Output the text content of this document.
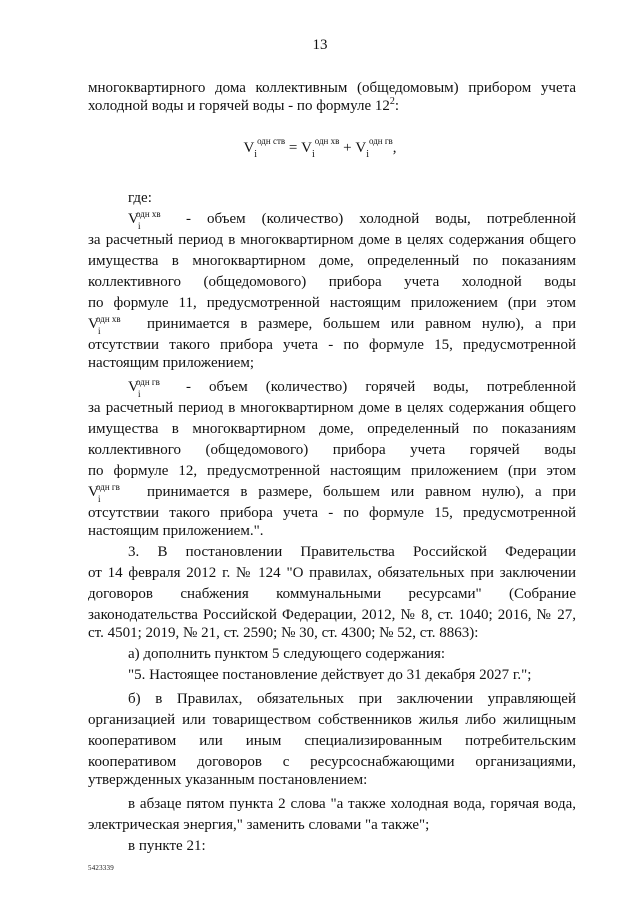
13
многоквартирного дома коллективным (общедомовым) прибором учета
холодной воды и горячей воды - по формуле $12^2$:
$V_i^{одн ств} = V_i^{одн хв} + V_i^{одн гв}$,
где:
V
одн хв
i	- объем (количество) холодной воды, потребленной
за расчетный период в многоквартирном доме в целях содержания общего
имущества в многоквартирном доме, определенный по показаниям
коллективного (общедомового) прибора учета холодной воды
по формуле 11, предусмотренной настоящим приложением (при этом
V
одн хв
i	принимается в размере, большем или равном нулю), а при
отсутствии такого прибора учета - по формуле 15, предусмотренной
настоящим приложением;
V
одн гв
i	- объем (количество) горячей воды, потребленной
за расчетный период в многоквартирном доме в целях содержания общего
имущества в многоквартирном доме, определенный по показаниям
коллективного (общедомового) прибора учета горячей воды
по формуле 12, предусмотренной настоящим приложением (при этом
V
одн гв
i	принимается в размере, большем или равном нулю), а при
отсутствии такого прибора учета - по формуле 15, предусмотренной
настоящим приложением.".
3. В постановлении Правительства Российской Федерации
от 14 февраля 2012 г. № 124 "О правилах, обязательных при заключении
договоров снабжения коммунальными ресурсами" (Собрание
законодательства Российской Федерации, 2012, № 8, ст. 1040; 2016, № 27,
ст. 4501; 2019, № 21, ст. 2590; № 30, ст. 4300; № 52, ст. 8863):
а) дополнить пунктом 5 следующего содержания:
"5. Настоящее постановление действует до 31 декабря 2027 г.";
б) в Правилах, обязательных при заключении управляющей
организацией или товариществом собственников жилья либо жилищным
кооперативом или иным специализированным потребительским
кооперативом договоров с ресурсоснабжающими организациями,
утвержденных указанным постановлением:
в абзаце пятом пункта 2 слова "а также холодная вода, горячая вода,
электрическая энергия," заменить словами "а также";
в пункте 21:
5423339
